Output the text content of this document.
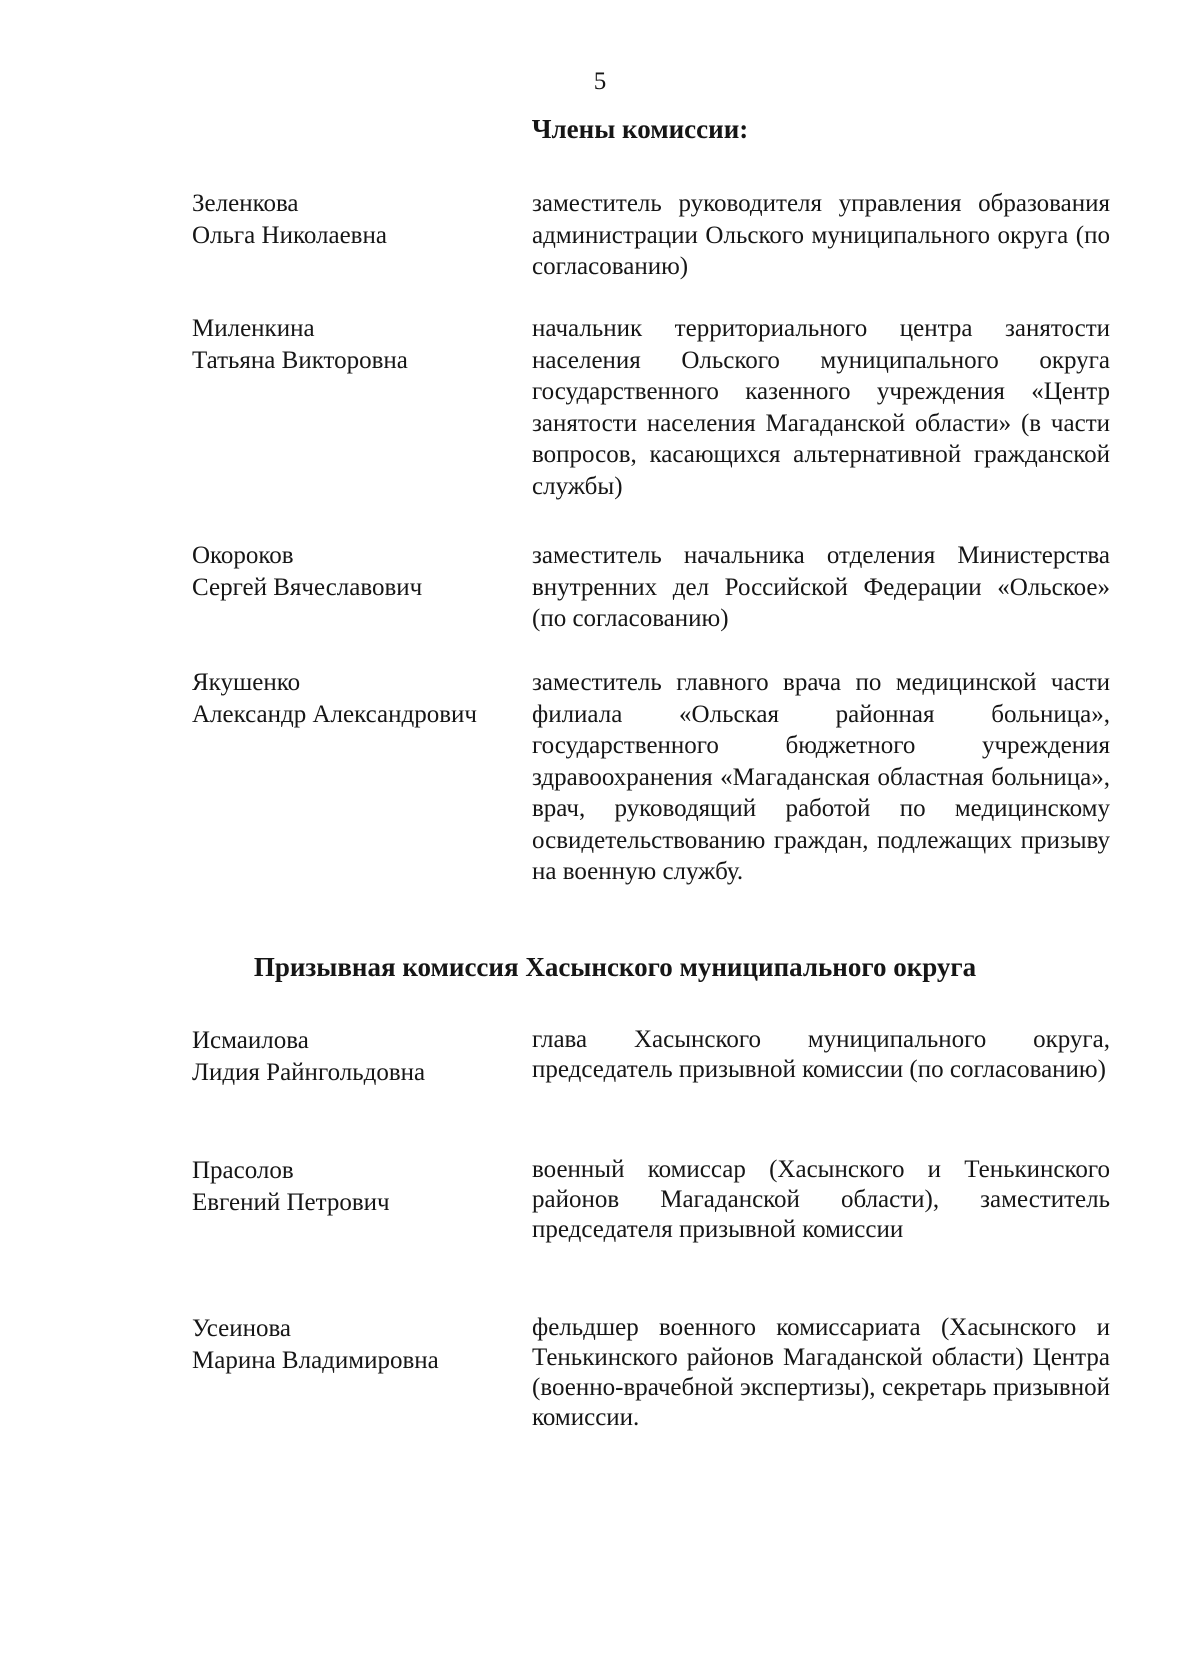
5
Члены комиссии:
Зеленкова
Ольга Николаевна
заместитель руководителя управления образования администрации Ольского муниципального округа (по согласованию)
Миленкина
Татьяна Викторовна
начальник территориального центра занятости населения Ольского муниципального округа государственного казенного учреждения «Центр занятости населения Магаданской области» (в части вопросов, касающихся альтернативной гражданской службы)
Окороков
Сергей Вячеславович
заместитель начальника отделения Министерства внутренних дел Российской Федерации «Ольское» (по согласованию)
Якушенко
Александр Александрович
заместитель главного врача по медицинской части филиала «Ольская районная больница», государственного бюджетного учреждения здравоохранения «Магаданская областная больница», врач, руководящий работой по медицинскому освидетельствованию граждан, подлежащих призыву на военную службу.
Призывная комиссия Хасынского муниципального округа
Исмаилова
Лидия Райнгольдовна
глава Хасынского муниципального округа, председатель призывной комиссии (по согласованию)
Прасолов
Евгений Петрович
военный комиссар (Хасынского и Тенькинского районов Магаданской области), заместитель председателя призывной комиссии
Усеинова
Марина Владимировна
фельдшер военного комиссариата (Хасынского и Тенькинского районов Магаданской области) Центра (военно-врачебной экспертизы), секретарь призывной комиссии.
